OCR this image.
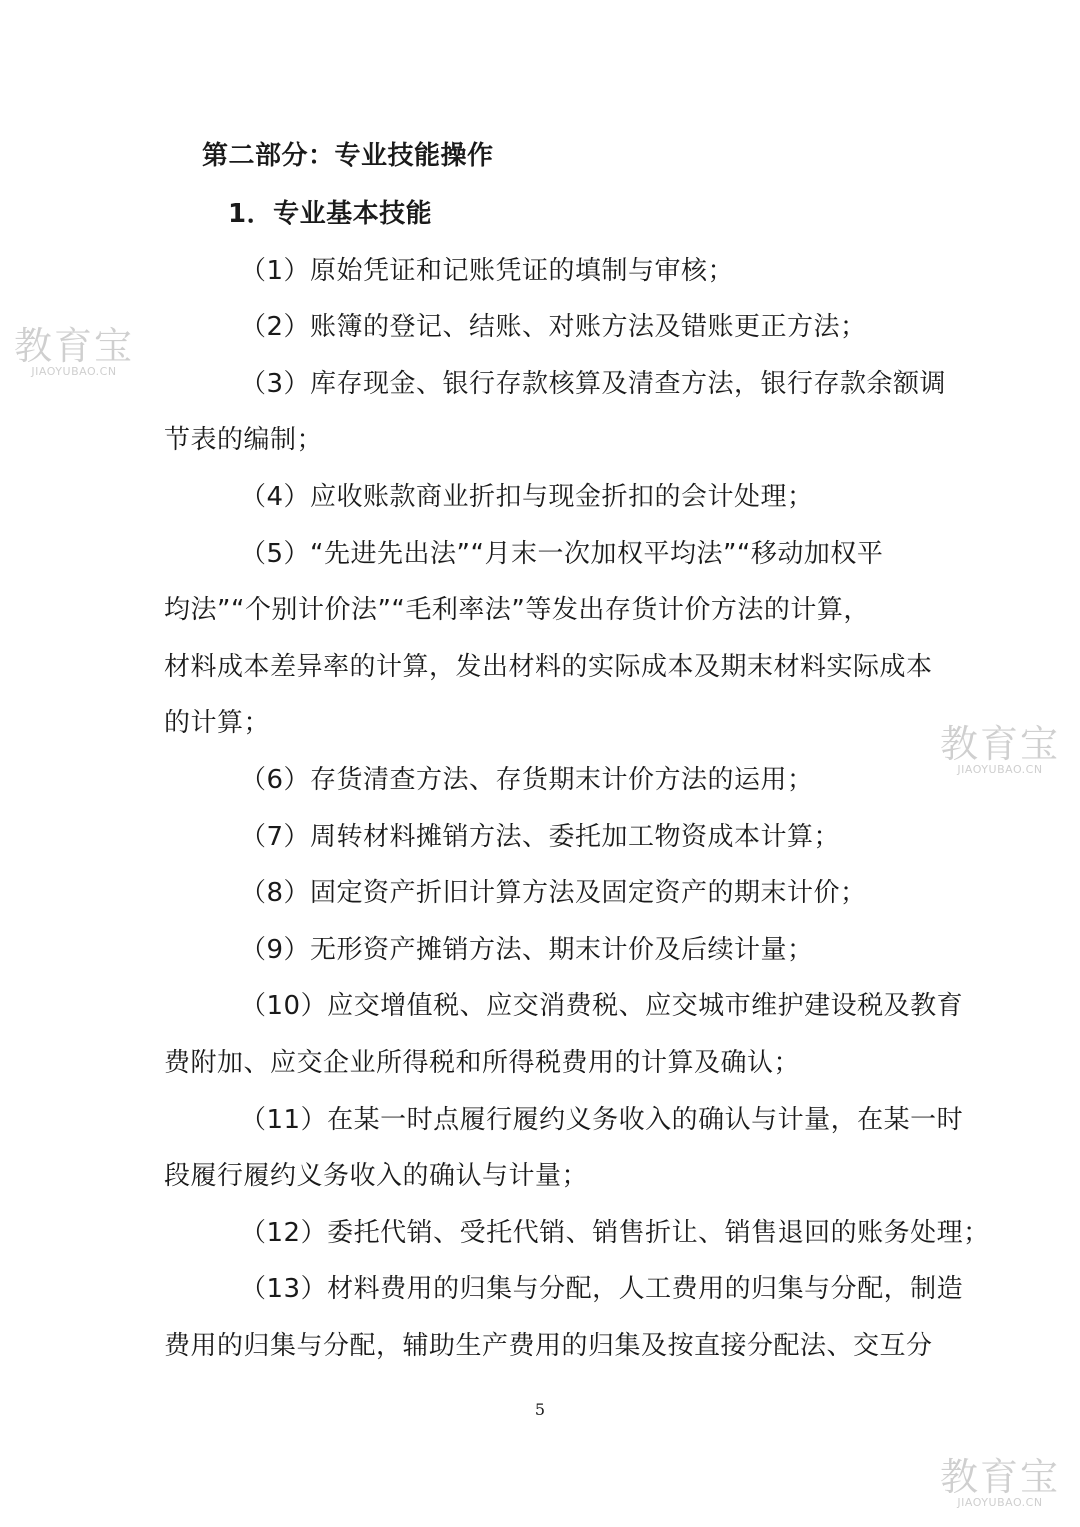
第二部分：专业技能操作
1．专业基本技能
（1）原始凭证和记账凭证的填制与审核；
（2）账簿的登记、结账、对账方法及错账更正方法；
（3）库存现金、银行存款核算及清查方法，银行存款余额调
节表的编制；
（4）应收账款商业折扣与现金折扣的会计处理；
（5）“先进先出法”“月末一次加权平均法”“移动加权平
均法”“个别计价法”“毛利率法”等发出存货计价方法的计算，
材料成本差异率的计算，发出材料的实际成本及期末材料实际成本
的计算；
（6）存货清查方法、存货期末计价方法的运用；
（7）周转材料摊销方法、委托加工物资成本计算；
（8）固定资产折旧计算方法及固定资产的期末计价；
（9）无形资产摊销方法、期末计价及后续计量；
（10）应交增值税、应交消费税、应交城市维护建设税及教育
费附加、应交企业所得税和所得税费用的计算及确认；
（11）在某一时点履行履约义务收入的确认与计量，在某一时
段履行履约义务收入的确认与计量；
（12）委托代销、受托代销、销售折让、销售退回的账务处理；
（13）材料费用的归集与分配，人工费用的归集与分配，制造
费用的归集与分配，辅助生产费用的归集及按直接分配法、交互分
5
教育宝
JIAOYUBAO.CN
教育宝
JIAOYUBAO.CN
教育宝
JIAOYUBAO.CN
